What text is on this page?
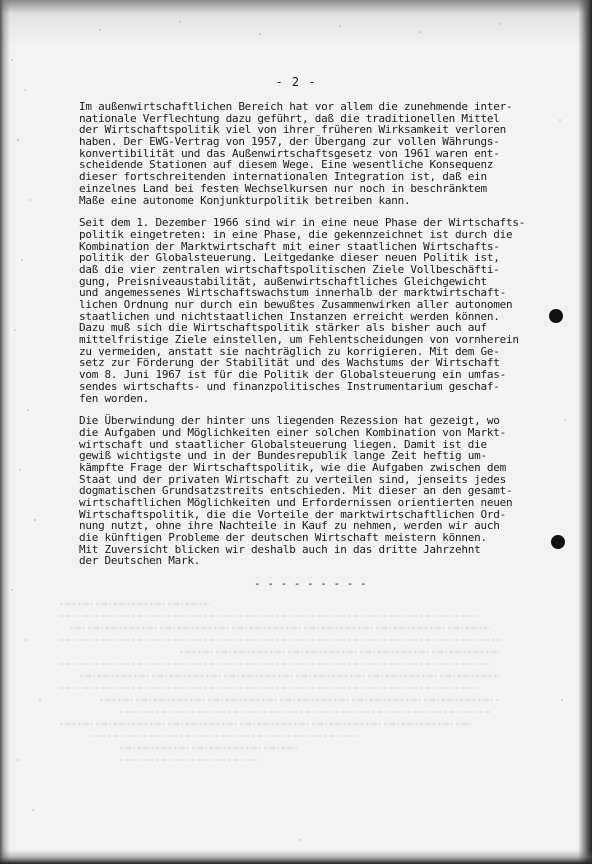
- 2 -
Im außenwirtschaftlichen Bereich hat vor allem die zunehmende inter-
nationale Verflechtung dazu geführt, daß die traditionellen Mittel
der Wirtschaftspolitik viel von ihrer früheren Wirksamkeit verloren
haben. Der EWG-Vertrag von 1957, der Übergang zur vollen Währungs-
konvertibilität und das Außenwirtschaftsgesetz von 1961 waren ent-
scheidende Stationen auf diesem Wege. Eine wesentliche Konsequenz
dieser fortschreitenden internationalen Integration ist, daß ein
einzelnes Land bei festen Wechselkursen nur noch in beschränktem
Maße eine autonome Konjunkturpolitik betreiben kann.
Seit dem 1. Dezember 1966 sind wir in eine neue Phase der Wirtschafts-
politik eingetreten: in eine Phase, die gekennzeichnet ist durch die
Kombination der Marktwirtschaft mit einer staatlichen Wirtschafts-
politik der Globalsteuerung. Leitgedanke dieser neuen Politik ist,
daß die vier zentralen wirtschaftspolitischen Ziele Vollbeschäfti-
gung, Preisniveaustabilität, außenwirtschaftliches Gleichgewicht
und angemessenes Wirtschaftswachstum innerhalb der marktwirtschaft-
lichen Ordnung nur durch ein bewußtes Zusammenwirken aller autonomen
staatlichen und nichtstaatlichen Instanzen erreicht werden können.
Dazu muß sich die Wirtschaftspolitik stärker als bisher auch auf
mittelfristige Ziele einstellen, um Fehlentscheidungen von vornherein
zu vermeiden, anstatt sie nachträglich zu korrigieren. Mit dem Ge-
setz zur Förderung der Stabilität und des Wachstums der Wirtschaft
vom 8. Juni 1967 ist für die Politik der Globalsteuerung ein umfas-
sendes wirtschafts- und finanzpolitisches Instrumentarium geschaf-
fen worden.
Die Überwindung der hinter uns liegenden Rezession hat gezeigt, wo
die Aufgaben und Möglichkeiten einer solchen Kombination von Markt-
wirtschaft und staatlicher Globalsteuerung liegen. Damit ist die
gewiß wichtigste und in der Bundesrepublik lange Zeit heftig um-
kämpfte Frage der Wirtschaftspolitik, wie die Aufgaben zwischen dem
Staat und der privaten Wirtschaft zu verteilen sind, jenseits jedes
dogmatischen Grundsatzstreits entschieden. Mit dieser an den gesamt-
wirtschaftlichen Möglichkeiten und Erfordernissen orientierten neuen
Wirtschaftspolitik, die die Vorteile der marktwirtschaftlichen Ord-
nung nutzt, ohne ihre Nachteile in Kauf zu nehmen, werden wir auch
die künftigen Probleme der deutschen Wirtschaft meistern können.
Mit Zuversicht blicken wir deshalb auch in das dritte Jahrzehnt
der Deutschen Mark.
- - - - - - - - -
